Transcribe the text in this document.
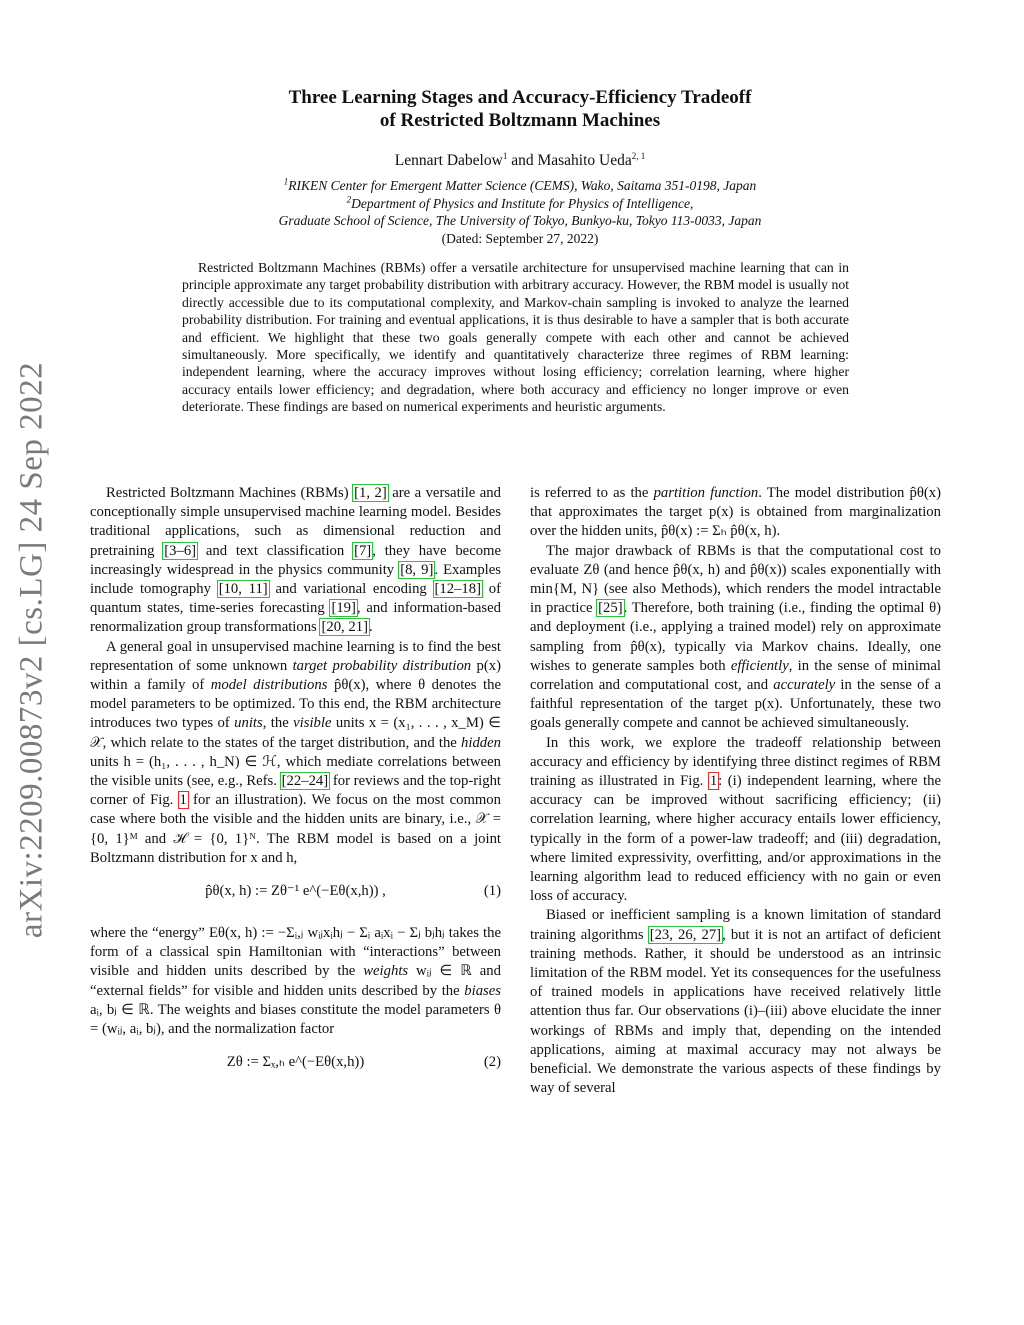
arXiv:2209.00873v2 [cs.LG] 24 Sep 2022
Three Learning Stages and Accuracy-Efficiency Tradeoff
of Restricted Boltzmann Machines
Lennart Dabelow$^1$ and Masahito Ueda$^{2, 1}$
$^1$RIKEN Center for Emergent Matter Science (CEMS), Wako, Saitama 351-0198, Japan
$^2$Department of Physics and Institute for Physics of Intelligence,
Graduate School of Science, The University of Tokyo, Bunkyo-ku, Tokyo 113-0033, Japan
(Dated: September 27, 2022)

Restricted Boltzmann Machines (RBMs) offer a versatile architecture for unsupervised machine learning that can in principle approximate any target probability distribution with arbitrary accuracy. However, the RBM model is usually not directly accessible due to its computational complexity, and Markov-chain sampling is invoked to analyze the learned probability distribution. For training and eventual applications, it is thus desirable to have a sampler that is both accurate and efficient. We highlight that these two goals generally compete with each other and cannot be achieved simultaneously. More specifically, we identify and quantitatively characterize three regimes of RBM learning: independent learning, where the accuracy improves without losing efficiency; correlation learning, where higher accuracy entails lower efficiency; and degradation, where both accuracy and efficiency no longer improve or even deteriorate. These findings are based on numerical experiments and heuristic arguments.

Restricted Boltzmann Machines (RBMs) [1, 2] are a versatile and conceptionally simple unsupervised machine learning model. Besides traditional applications, such as dimensional reduction and pretraining [3–6] and text classification [7], they have become increasingly widespread in the physics community [8, 9]. Examples include tomography [10, 11] and variational encoding [12–18] of quantum states, time-series forecasting [19], and information-based renormalization group transformations [20, 21].

A general goal in unsupervised machine learning is to find the best representation of some unknown target probability distribution p(x) within a family of model distributions p̂θ(x), where θ denotes the model parameters to be optimized. To this end, the RBM architecture introduces two types of units, the visible units x = (x₁, . . . , x_M) ∈ 𝒳, which relate to the states of the target distribution, and the hidden units h = (h₁, . . . , h_N) ∈ ℋ, which mediate correlations between the visible units (see, e.g., Refs. [22–24] for reviews and the top-right corner of Fig. 1 for an illustration). We focus on the most common case where both the visible and the hidden units are binary, i.e., 𝒳 = {0, 1}ᴹ and ℋ = {0, 1}ᴺ. The RBM model is based on a joint Boltzmann distribution for x and h,

p̂θ(x, h) := Zθ⁻¹ e^(−Eθ(x,h)) ,	(1)

where the “energy” Eθ(x, h) := −Σᵢ,ⱼ wᵢⱼxᵢhⱼ − Σᵢ aᵢxᵢ − Σⱼ bⱼhⱼ takes the form of a classical spin Hamiltonian with “interactions” between visible and hidden units described by the weights wᵢⱼ ∈ ℝ and “external fields” for visible and hidden units described by the biases aᵢ, bⱼ ∈ ℝ. The weights and biases constitute the model parameters θ = (wᵢⱼ, aᵢ, bⱼ), and the normalization factor

Zθ := Σₓ,ₕ e^(−Eθ(x,h))	(2)

is referred to as the partition function. The model distribution p̂θ(x) that approximates the target p(x) is obtained from marginalization over the hidden units, p̂θ(x) := Σₕ p̂θ(x, h).

The major drawback of RBMs is that the computational cost to evaluate Zθ (and hence p̂θ(x, h) and p̂θ(x)) scales exponentially with min{M, N} (see also Methods), which renders the model intractable in practice [25]. Therefore, both training (i.e., finding the optimal θ) and deployment (i.e., applying a trained model) rely on approximate sampling from p̂θ(x), typically via Markov chains. Ideally, one wishes to generate samples both efficiently, in the sense of minimal correlation and computational cost, and accurately in the sense of a faithful representation of the target p(x). Unfortunately, these two goals generally compete and cannot be achieved simultaneously.

In this work, we explore the tradeoff relationship between accuracy and efficiency by identifying three distinct regimes of RBM training as illustrated in Fig. 1: (i) independent learning, where the accuracy can be improved without sacrificing efficiency; (ii) correlation learning, where higher accuracy entails lower efficiency, typically in the form of a power-law tradeoff; and (iii) degradation, where limited expressivity, overfitting, and/or approximations in the learning algorithm lead to reduced efficiency with no gain or even loss of accuracy.

Biased or inefficient sampling is a known limitation of standard training algorithms [23, 26, 27], but it is not an artifact of deficient training methods. Rather, it should be understood as an intrinsic limitation of the RBM model. Yet its consequences for the usefulness of trained models in applications have received relatively little attention thus far. Our observations (i)–(iii) above elucidate the inner workings of RBMs and imply that, depending on the intended applications, aiming at maximal accuracy may not always be beneficial. We demonstrate the various aspects of these findings by way of several
